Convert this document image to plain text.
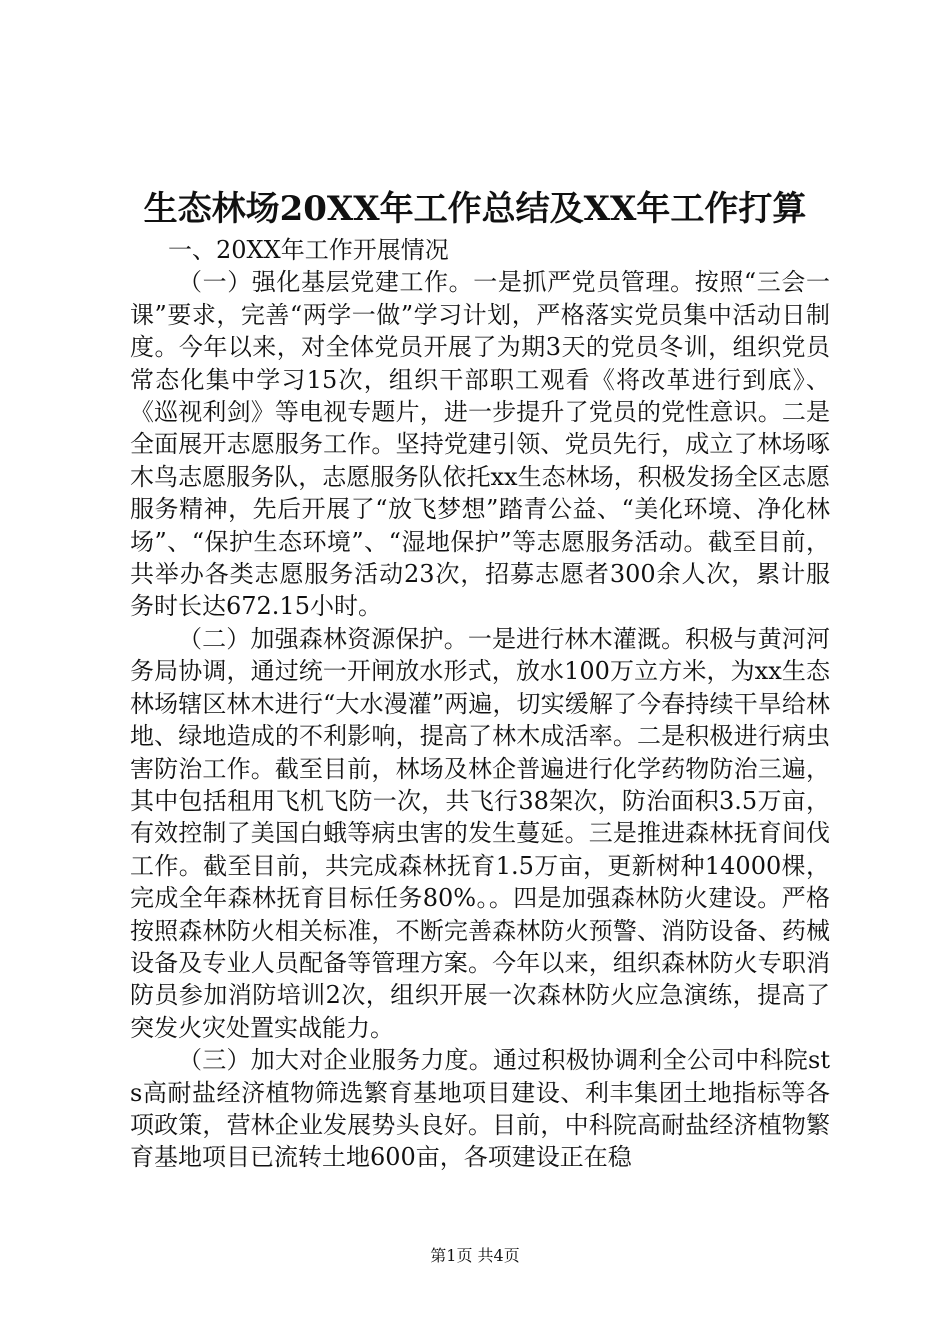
生态林场20XX年工作总结及XX年工作打算

一、20XX年工作开展情况

（一）强化基层党建工作。一是抓严党员管理。按照“三会一课”要求，完善“两学一做”学习计划，严格落实党员集中活动日制度。今年以来，对全体党员开展了为期3天的党员冬训，组织党员常态化集中学习15次，组织干部职工观看《将改革进行到底》、《巡视利剑》等电视专题片，进一步提升了党员的党性意识。二是全面展开志愿服务工作。坚持党建引领、党员先行，成立了林场啄木鸟志愿服务队，志愿服务队依托xx生态林场，积极发扬全区志愿服务精神，先后开展了“放飞梦想”踏青公益、“美化环境、净化林场”、“保护生态环境”、“湿地保护”等志愿服务活动。截至目前，共举办各类志愿服务活动23次，招募志愿者300余人次，累计服务时长达672.15小时。

（二）加强森林资源保护。一是进行林木灌溉。积极与黄河河务局协调，通过统一开闸放水形式，放水100万立方米，为xx生态林场辖区林木进行“大水漫灌”两遍，切实缓解了今春持续干旱给林地、绿地造成的不利影响，提高了林木成活率。二是积极进行病虫害防治工作。截至目前，林场及林企普遍进行化学药物防治三遍，其中包括租用飞机飞防一次，共飞行38架次，防治面积3.5万亩，有效控制了美国白蛾等病虫害的发生蔓延。三是推进森林抚育间伐工作。截至目前，共完成森林抚育1.5万亩，更新树种14000棵，完成全年森林抚育目标任务80%。。四是加强森林防火建设。严格按照森林防火相关标准，不断完善森林防火预警、消防设备、药械设备及专业人员配备等管理方案。今年以来，组织森林防火专职消防员参加消防培训2次，组织开展一次森林防火应急演练，提高了突发火灾处置实战能力。

（三）加大对企业服务力度。通过积极协调利全公司中科院sts高耐盐经济植物筛选繁育基地项目建设、利丰集团土地指标等各项政策，营林企业发展势头良好。目前，中科院高耐盐经济植物繁育基地项目已流转土地600亩，各项建设正在稳

第1页 共4页
